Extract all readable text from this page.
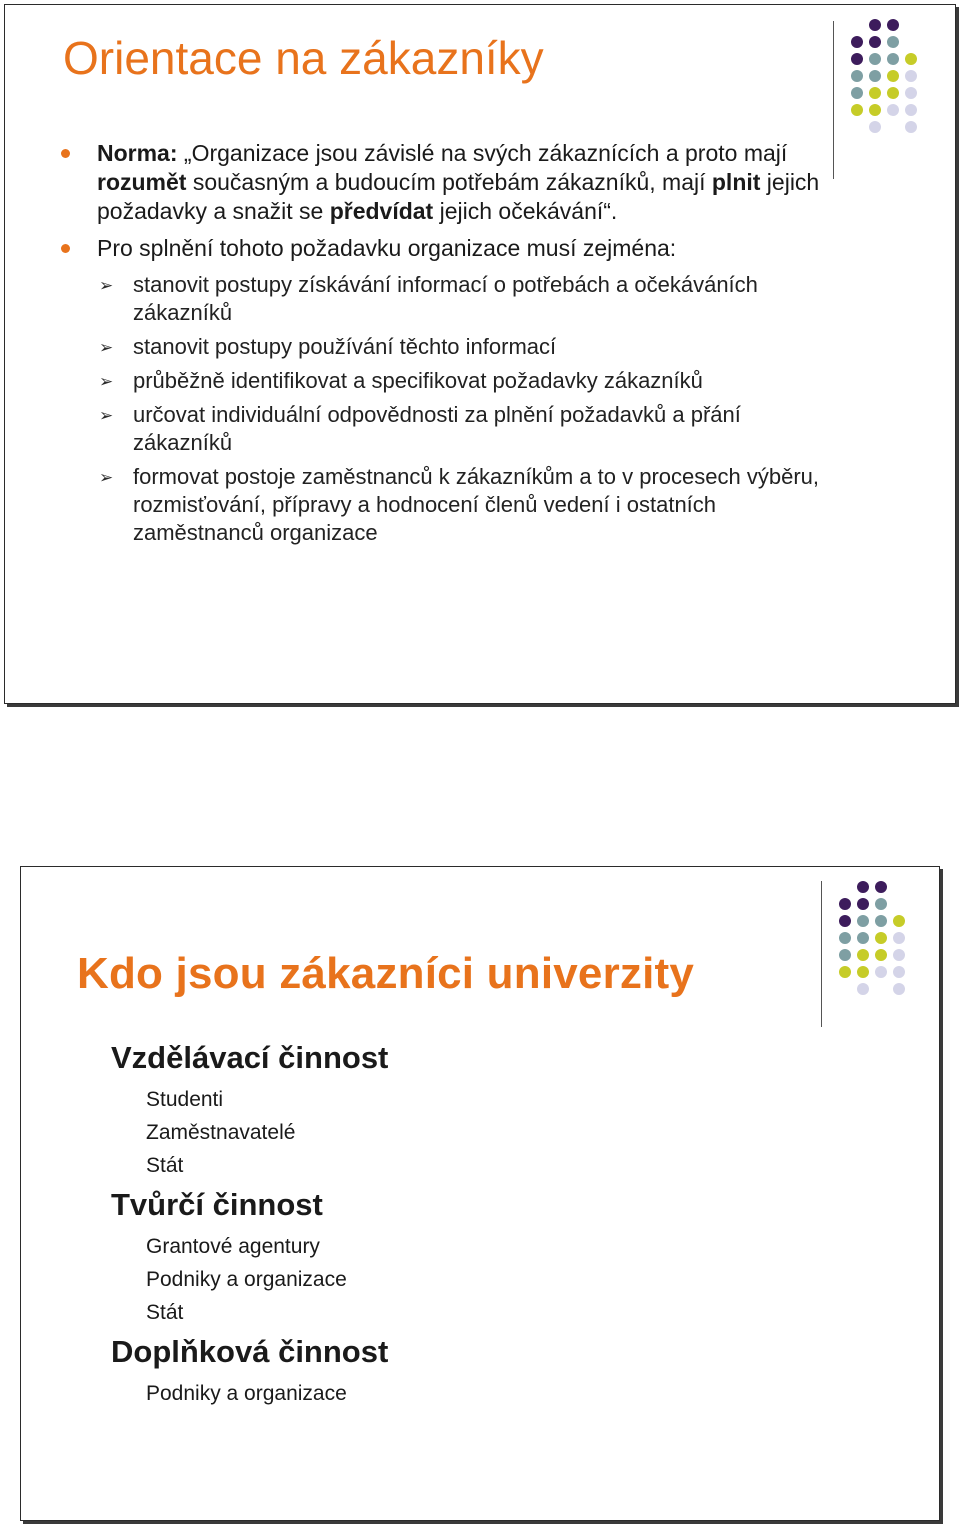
Orientace na zákazníky
Norma: „Organizace jsou závislé na svých zákaznících a proto mají rozumět současným a budoucím potřebám zákazníků, mají plnit jejich požadavky a snažit se předvídat jejich očekávání“.
Pro splnění tohoto požadavku organizace musí zejména:
➢ stanovit postupy získávání informací o potřebách a očekáváních zákazníků
➢ stanovit postupy používání těchto informací
➢ průběžně identifikovat a specifikovat požadavky zákazníků
➢ určovat individuální odpovědnosti za plnění požadavků a přání zákazníků
➢ formovat postoje zaměstnanců k zákazníkům a to v procesech výběru, rozmisťování, přípravy a hodnocení členů vedení i ostatních zaměstnanců organizace
Kdo jsou zákazníci univerzity

Vzdělávací činnost

Studenti

Zaměstnavatelé

Stát

Tvůrčí činnost

Grantové agentury

Podniky a organizace

Stát

Doplňková činnost

Podniky a organizace
